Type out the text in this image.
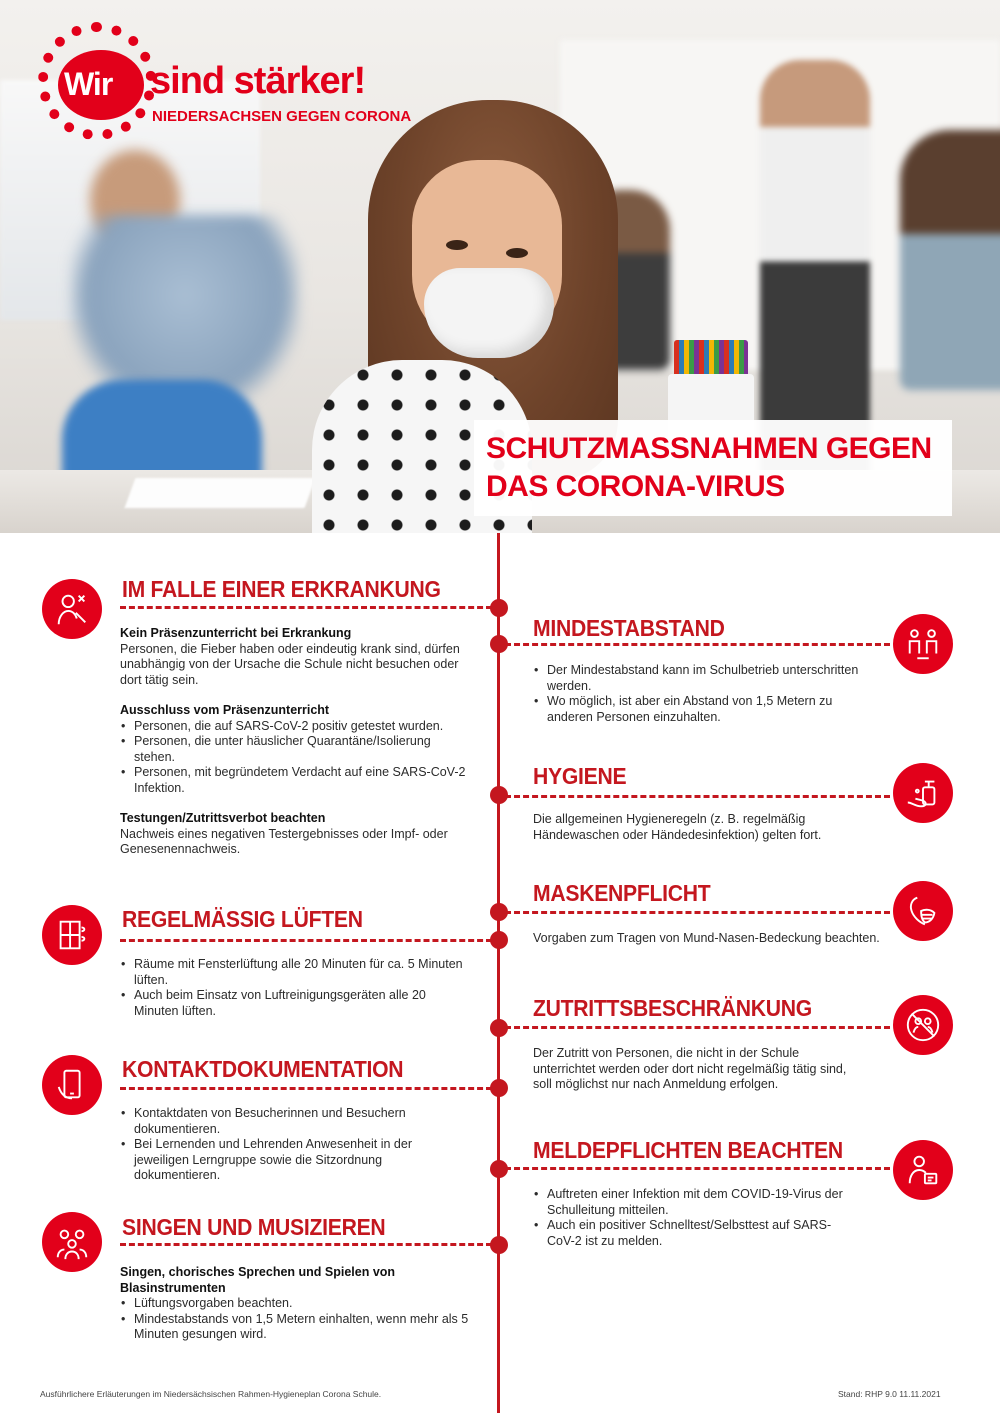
Wir sind stärker!
NIEDERSACHSEN GEGEN CORONA
SCHUTZMASSNAHMEN GEGEN
DAS CORONA-VIRUS
IM FALLE EINER ERKRANKUNG

Kein Präsenzunterricht bei Erkrankung

Personen, die Fieber haben oder eindeutig krank sind, dürfen unabhängig von der Ursache die Schule nicht besuchen oder dort tätig sein.

Ausschluss vom Präsenzunterricht

• Personen, die auf SARS-CoV-2 positiv getestet wurden.
• Personen, die unter häuslicher Quarantäne/Isolierung stehen.
• Personen, mit begründetem Verdacht auf eine SARS-CoV-2 Infektion.

Testungen/Zutrittsverbot beachten

Nachweis eines negativen Testergebnisses oder Impf- oder Genesenennachweis.

REGELMÄSSIG LÜFTEN
• Räume mit Fensterlüftung alle 20 Minuten für ca. 5 Minuten lüften.
• Auch beim Einsatz von Luftreinigungsgeräten alle 20 Minuten lüften.
KONTAKTDOKUMENTATION
• Kontaktdaten von Besucherinnen und Besuchern dokumentieren.
• Bei Lernenden und Lehrenden Anwesenheit in der jeweiligen Lerngruppe sowie die Sitzordnung dokumentieren.
SINGEN UND MUSIZIEREN

Singen, chorisches Sprechen und Spielen von Blasinstrumenten

• Lüftungsvorgaben beachten.
• Mindestabstands von 1,5 Metern einhalten, wenn mehr als 5 Minuten gesungen wird.
MINDESTABSTAND
• Der Mindestabstand kann im Schulbetrieb unterschritten werden.
• Wo möglich, ist aber ein Abstand von 1,5 Metern zu anderen Personen einzuhalten.
HYGIENE

Die allgemeinen Hygieneregeln (z. B. regelmäßig Händewaschen oder Händedesinfektion) gelten fort.

MASKENPFLICHT

Vorgaben zum Tragen von Mund-Nasen-Bedeckung beachten.

ZUTRITTSBESCHRÄNKUNG

Der Zutritt von Personen, die nicht in der Schule unterrichtet werden oder dort nicht regelmäßig tätig sind, soll möglichst nur nach Anmeldung erfolgen.

MELDEPFLICHTEN BEACHTEN
• Auftreten einer Infektion mit dem COVID-19-Virus der Schulleitung mitteilen.
• Auch ein positiver Schnelltest/Selbsttest auf SARS-CoV-2 ist zu melden.
Ausführlichere Erläuterungen im Niedersächsischen Rahmen-Hygieneplan Corona Schule.	Stand: RHP 9.0 11.11.2021
